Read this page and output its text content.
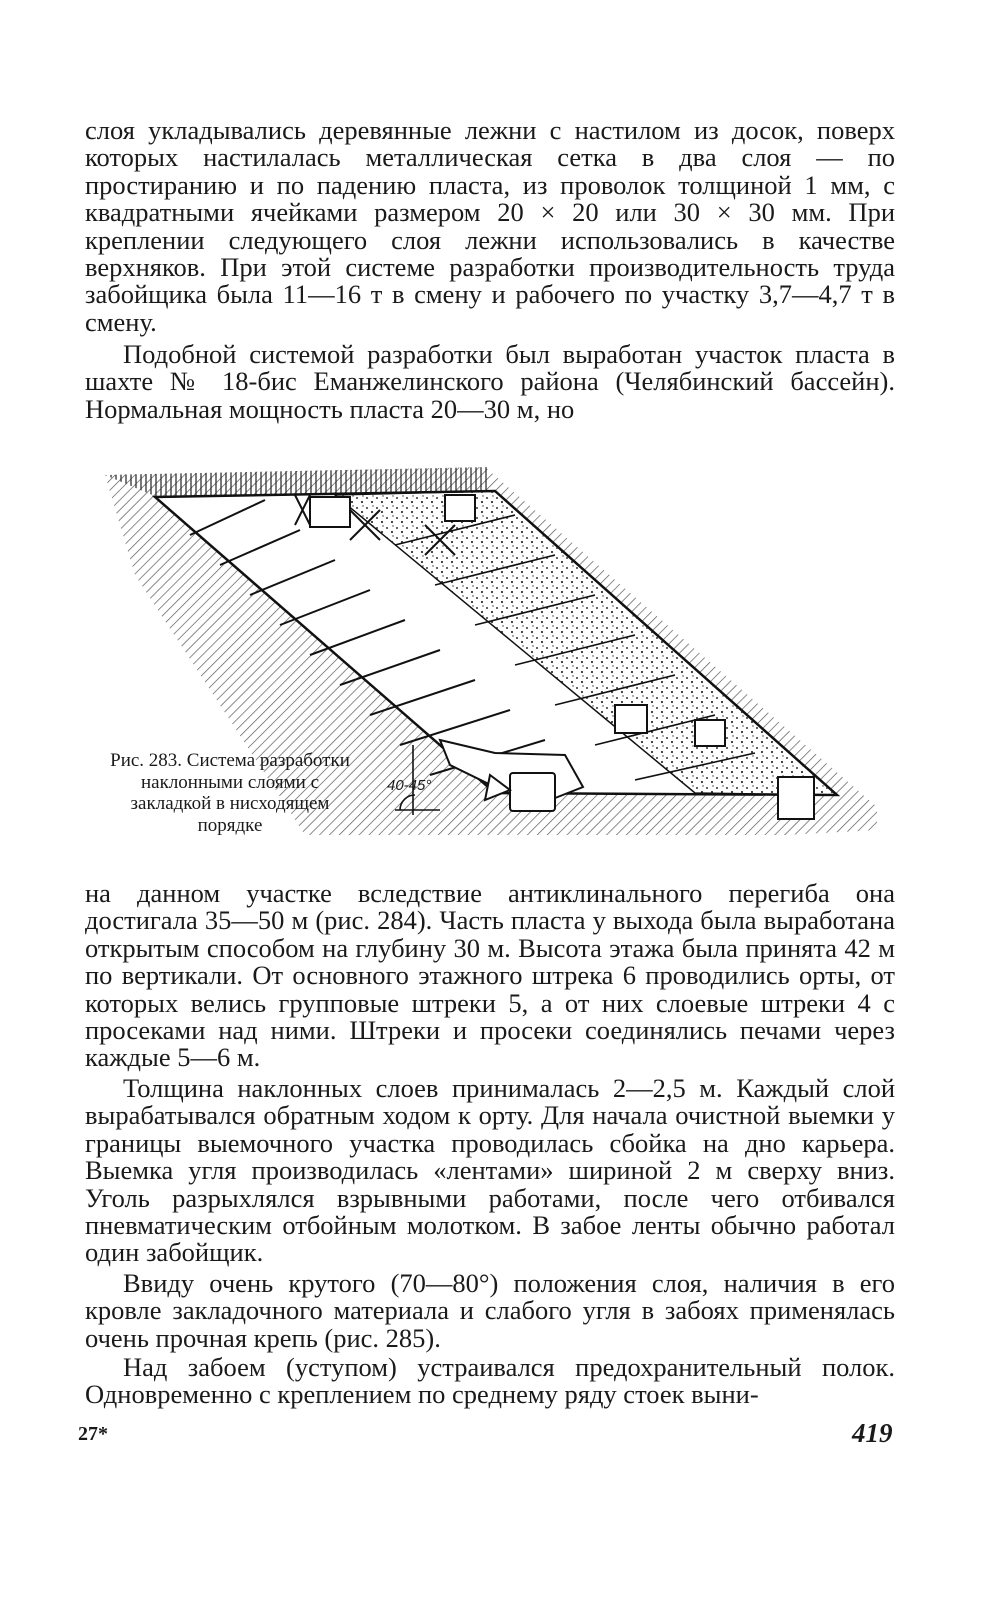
слоя укладывались деревянные лежни с настилом из досок, поверх которых настилалась металлическая сетка в два слоя — по простиранию и по падению пласта, из проволок толщиной 1 мм, с квадратными ячейками размером 20 × 20 или 30 × 30 мм. При креплении следующего слоя лежни использовались в качестве верхняков. При этой системе разработки производительность труда забойщика была 11—16 т в смену и рабочего по участку 3,7—4,7 т в смену.

Подобной системой разработки был выработан участок пласта в шахте № 18-бис Еманжелинского района (Челябинский бассейн). Нормальная мощность пласта 20—30 м, но

Рис. 283. Система разработки наклонными слоями с закладкой в нисходящем порядке
40-45°

на данном участке вследствие антиклинального перегиба она достигала 35—50 м (рис. 284). Часть пласта у выхода была выработана открытым способом на глубину 30 м. Высота этажа была принята 42 м по вертикали. От основного этажного штрека 6 проводились орты, от которых велись групповые штреки 5, а от них слоевые штреки 4 с просеками над ними. Штреки и просеки соединялись печами через каждые 5—6 м.

Толщина наклонных слоев принималась 2—2,5 м. Каждый слой вырабатывался обратным ходом к орту. Для начала очистной выемки у границы выемочного участка проводилась сбойка на дно карьера. Выемка угля производилась «лентами» шириной 2 м сверху вниз. Уголь разрыхлялся взрывными работами, после чего отбивался пневматическим отбойным молотком. В забое ленты обычно работал один забойщик.

Ввиду очень крутого (70—80°) положения слоя, наличия в его кровле закладочного материала и слабого угля в забоях применялась очень прочная крепь (рис. 285).

Над забоем (уступом) устраивался предохранительный полок. Одновременно с креплением по среднему ряду стоек выни-

27*	419
